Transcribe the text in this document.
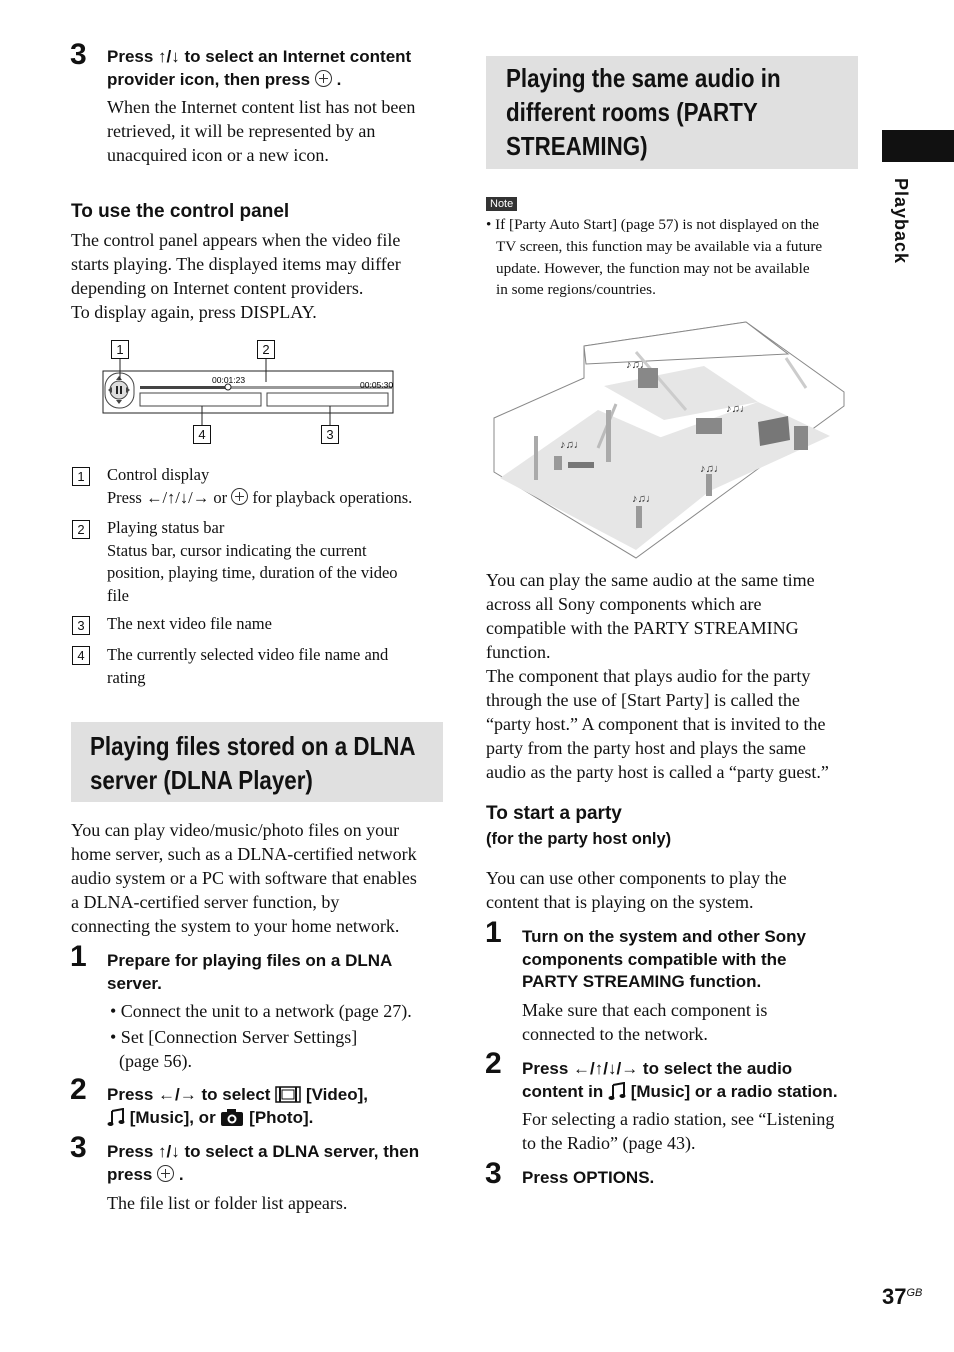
Playback
3 Press ↑/↓ to select an Internet content
provider icon, then press  .
When the Internet content list has not been
retrieved, it will be represented by an
unacquired icon or a new icon.
To use the control panel
The control panel appears when the video file
starts playing. The displayed items may differ
depending on Internet content providers.
To display again, press DISPLAY.
00:01:23	00:05:30
1	2
3
4
1	Control display
Press ←/↑/↓/→ or for playback operations.
2	Playing status bar
Status bar, cursor indicating the current
position, playing time, duration of the video
file
3	The next video file name
4	The currently selected video file name and
rating
Playing files stored on a DLNA
server (DLNA Player)
You can play video/music/photo files on your
home server, such as a DLNA-certified network
audio system or a PC with software that enables
a DLNA-certified server function, by
connecting the system to your home network.
1 Prepare for playing files on a DLNA
server.
• Connect the unit to a network (page 27).
• Set [Connection Server Settings]
(page 56).
2 Press ←/→ to select [Video],
[Music], or [Photo].
3 Press ↑/↓ to select a DLNA server, then
press  .
The file list or folder list appears.
Playing the same audio in
different rooms (PARTY
STREAMING)
Note
• If [Party Auto Start] (page 57) is not displayed on the
TV screen, this function may be available via a future
update. However, the function may not be available
in some regions/countries.
♪♫♩
♪♫♩
♪♫♩
♪♫♩
♪♫♩
You can play the same audio at the same time
across all Sony components which are
compatible with the PARTY STREAMING
function.
The component that plays audio for the party
through the use of [Start Party] is called the
“party host.” A component that is invited to the
party from the party host and plays the same
audio as the party host is called a “party guest.”
To start a party
(for the party host only)
You can use other components to play the
content that is playing on the system.
1 Turn on the system and other Sony
components compatible with the
PARTY STREAMING function.
Make sure that each component is
connected to the network.
2 Press ←/↑/↓/→ to select the audio
content in [Music] or a radio station.
For selecting a radio station, see “Listening
to the Radio” (page 43).
3 Press OPTIONS.
$37^{GB}$
